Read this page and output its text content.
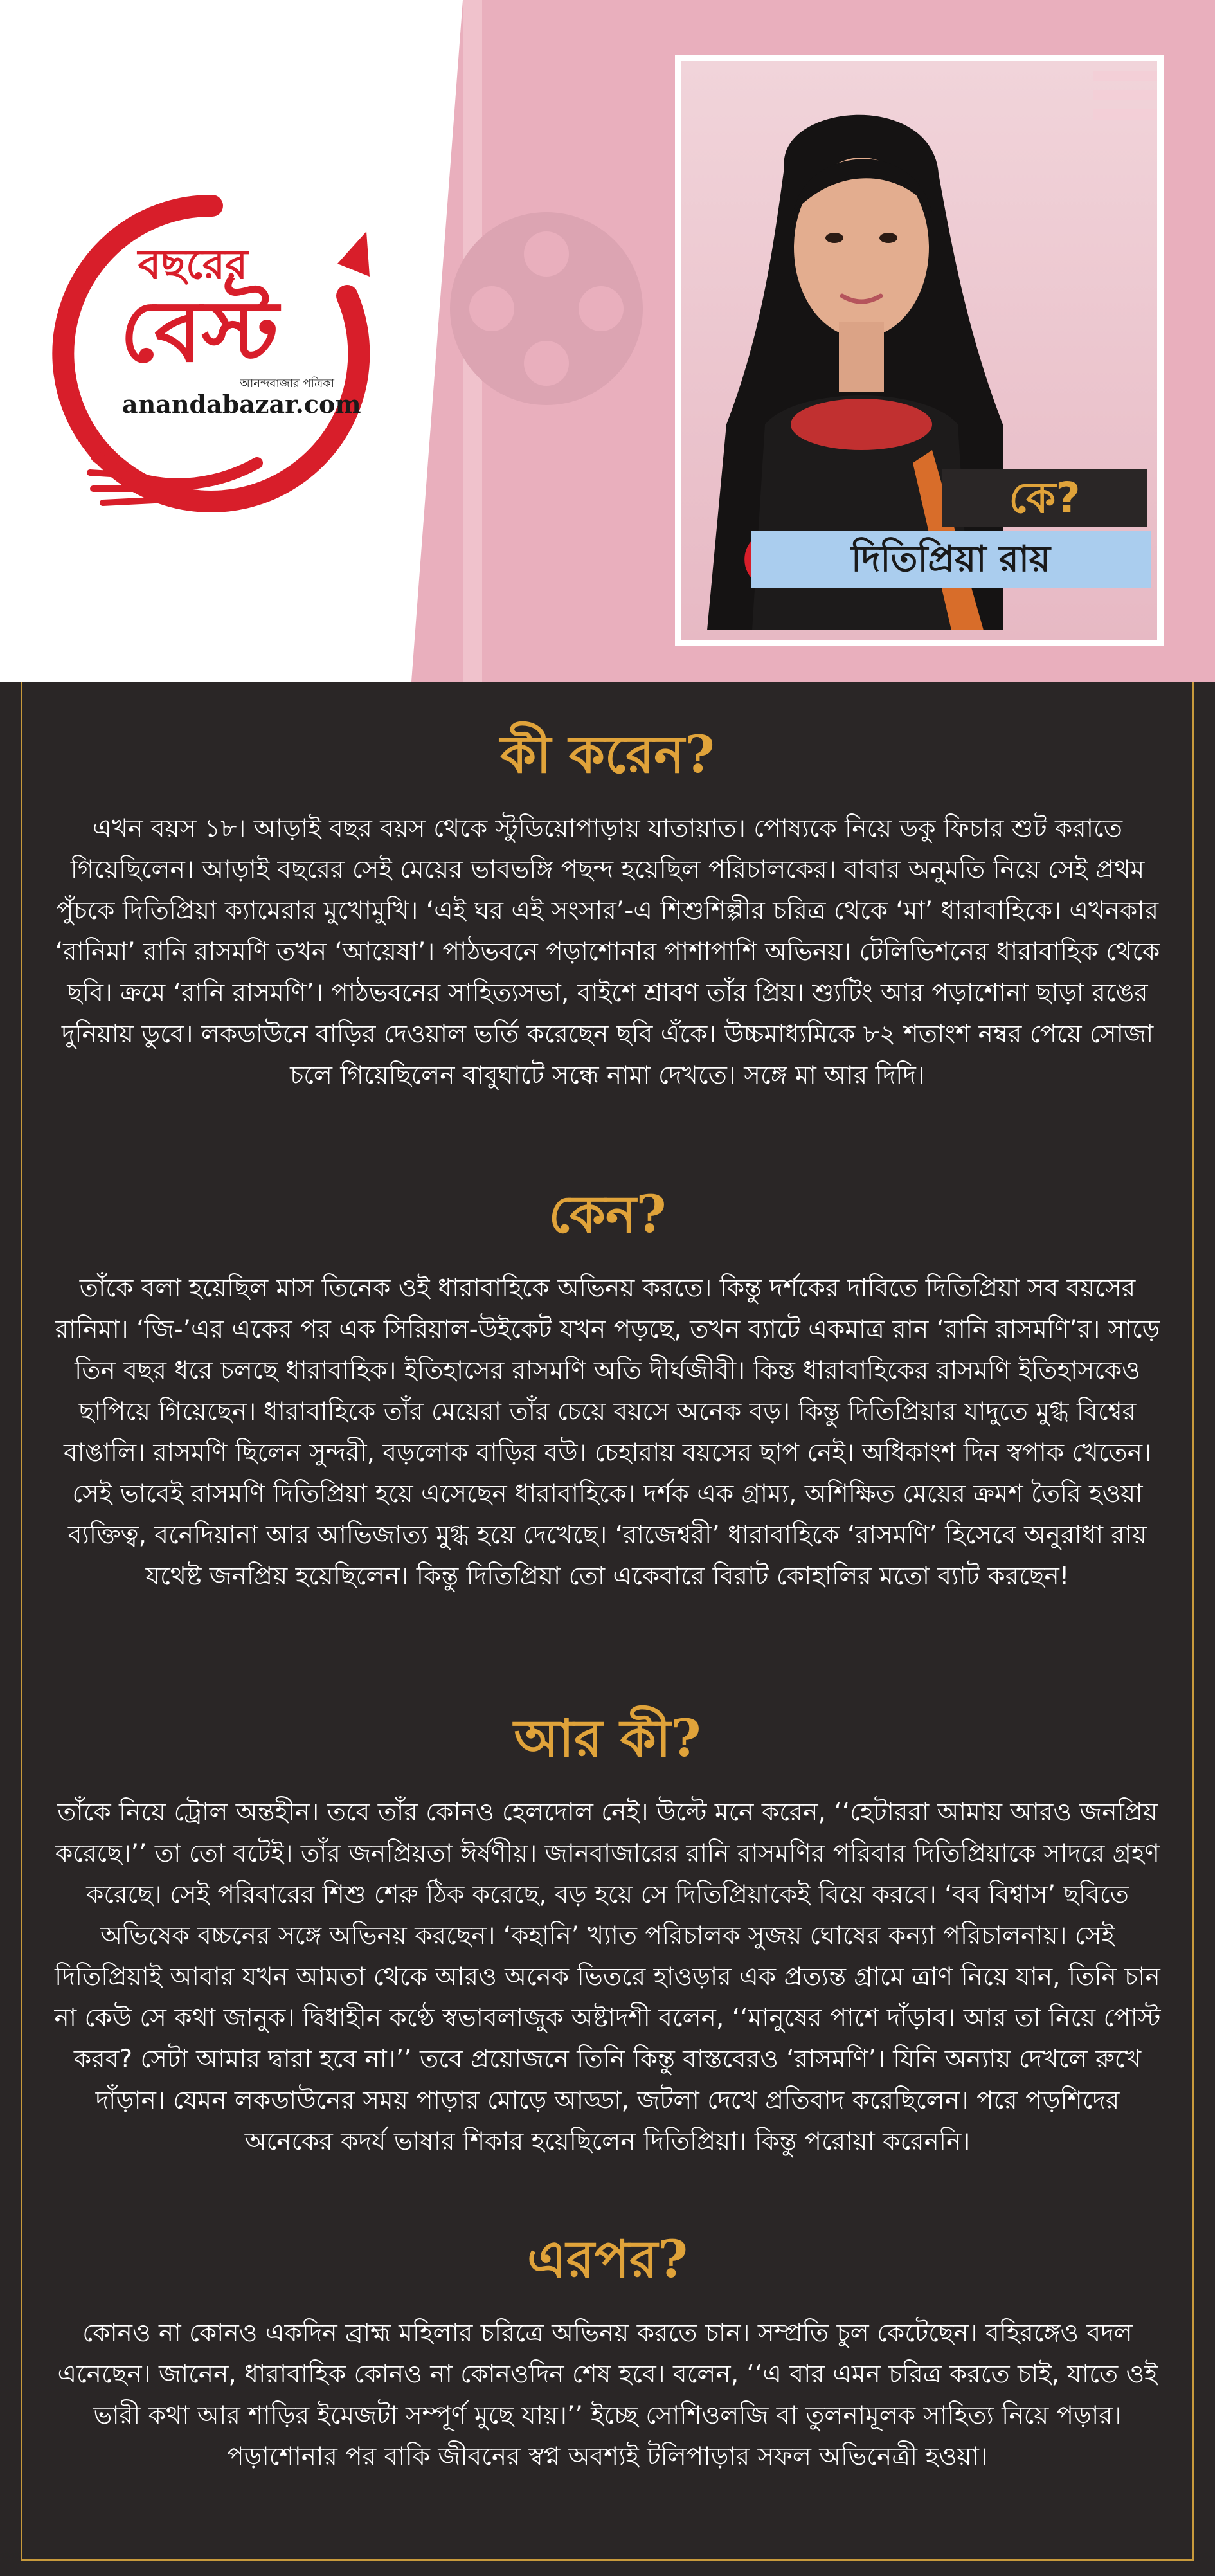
বছরের
বেস্ট
আনন্দবাজার পত্রিকা
anandabazar.com
কে?
দিতিপ্রিয়া রায়
কী করেন?

এখন বয়স ১৮। আড়াই বছর বয়স থেকে স্টুডিয়োপাড়ায় যাতায়াত। পোষ্যকে নিয়ে ডকু ফিচার শুট করাতে গিয়েছিলেন। আড়াই বছরের সেই মেয়ের ভাবভঙ্গি পছন্দ হয়েছিল পরিচালকের। বাবার অনুমতি নিয়ে সেই প্রথম পুঁচকে দিতিপ্রিয়া ক্যামেরার মুখোমুখি। ‘এই ঘর এই সংসার’-এ শিশুশিল্পীর চরিত্র থেকে ‘মা’ ধারাবাহিকে। এখনকার ‘রানিমা’ রানি রাসমণি তখন ‘আয়েষা’। পাঠভবনে পড়াশোনার পাশাপাশি অভিনয়। টেলিভিশনের ধারাবাহিক থেকে ছবি। ক্রমে ‘রানি রাসমণি’। পাঠভবনের সাহিত্যসভা, বাইশে শ্রাবণ তাঁর প্রিয়। শ্যুটিং আর পড়াশোনা ছাড়া রঙের দুনিয়ায় ডুবে। লকডাউনে বাড়ির দেওয়াল ভর্তি করেছেন ছবি এঁকে। উচ্চমাধ্যমিকে ৮২ শতাংশ নম্বর পেয়ে সোজা চলে গিয়েছিলেন বাবুঘাটে সন্ধে নামা দেখতে। সঙ্গে মা আর দিদি।

কেন?

তাঁকে বলা হয়েছিল মাস তিনেক ওই ধারাবাহিকে অভিনয় করতে। কিন্তু দর্শকের দাবিতে দিতিপ্রিয়া সব বয়সের রানিমা। ‘জি-’এর একের পর এক সিরিয়াল-উইকেট যখন পড়ছে, তখন ব্যাটে একমাত্র রান ‘রানি রাসমণি’র। সাড়ে তিন বছর ধরে চলছে ধারাবাহিক। ইতিহাসের রাসমণি অতি দীর্ঘজীবী। কিন্ত ধারাবাহিকের রাসমণি ইতিহাসকেও ছাপিয়ে গিয়েছেন। ধারাবাহিকে তাঁর মেয়েরা তাঁর চেয়ে বয়সে অনেক বড়। কিন্তু দিতিপ্রিয়ার যাদুতে মুগ্ধ বিশ্বের বাঙালি। রাসমণি ছিলেন সুন্দরী, বড়লোক বাড়ির বউ। চেহারায় বয়সের ছাপ নেই। অধিকাংশ দিন স্বপাক খেতেন। সেই ভাবেই রাসমণি দিতিপ্রিয়া হয়ে এসেছেন ধারাবাহিকে। দর্শক এক গ্রাম্য, অশিক্ষিত মেয়ের ক্রমশ তৈরি হওয়া ব্যক্তিত্ব, বনেদিয়ানা আর আভিজাত্য মুগ্ধ হয়ে দেখেছে। ‘রাজেশ্বরী’ ধারাবাহিকে ‘রাসমণি’ হিসেবে অনুরাধা রায় যথেষ্ট জনপ্রিয় হয়েছিলেন। কিন্তু দিতিপ্রিয়া তো একেবারে বিরাট কোহালির মতো ব্যাট করছেন!

আর কী?

তাঁকে নিয়ে ট্রোল অন্তহীন। তবে তাঁর কোনও হেলদোল নেই। উল্টে মনে করেন, ‘‘হেটাররা আমায় আরও জনপ্রিয় করেছে।’’ তা তো বটেই। তাঁর জনপ্রিয়তা ঈর্ষণীয়। জানবাজারের রানি রাসমণির পরিবার দিতিপ্রিয়াকে সাদরে গ্রহণ করেছে। সেই পরিবারের শিশু শেরু ঠিক করেছে, বড় হয়ে সে দিতিপ্রিয়াকেই বিয়ে করবে। ‘বব বিশ্বাস’ ছবিতে অভিষেক বচ্চনের সঙ্গে অভিনয় করছেন। ‘কহানি’ খ্যাত পরিচালক সুজয় ঘোষের কন্যা পরিচালনায়। সেই দিতিপ্রিয়াই আবার যখন আমতা থেকে আরও অনেক ভিতরে হাওড়ার এক প্রত্যন্ত গ্রামে ত্রাণ নিয়ে যান, তিনি চান না কেউ সে কথা জানুক। দ্বিধাহীন কণ্ঠে স্বভাবলাজুক অষ্টাদশী বলেন, ‘‘মানুষের পাশে দাঁড়াব। আর তা নিয়ে পোস্ট করব? সেটা আমার দ্বারা হবে না।’’ তবে প্রয়োজনে তিনি কিন্তু বাস্তবেরও ‘রাসমণি’। যিনি অন্যায় দেখলে রুখে দাঁড়ান। যেমন লকডাউনের সময় পাড়ার মোড়ে আড্ডা, জটলা দেখে প্রতিবাদ করেছিলেন। পরে পড়শিদের অনেকের কদর্য ভাষার শিকার হয়েছিলেন দিতিপ্রিয়া। কিন্তু পরোয়া করেননি।

এরপর?

কোনও না কোনও একদিন ব্রাহ্ম মহিলার চরিত্রে অভিনয় করতে চান। সম্প্রতি চুল কেটেছেন। বহিরঙ্গেও বদল এনেছেন। জানেন, ধারাবাহিক কোনও না কোনওদিন শেষ হবে। বলেন, ‘‘এ বার এমন চরিত্র করতে চাই, যাতে ওই ভারী কথা আর শাড়ির ইমেজটা সম্পূর্ণ মুছে যায়।’’ ইচ্ছে সোশিওলজি বা তুলনামূলক সাহিত্য নিয়ে পড়ার। পড়াশোনার পর বাকি জীবনের স্বপ্ন অবশ্যই টলিপাড়ার সফল অভিনেত্রী হওয়া।
